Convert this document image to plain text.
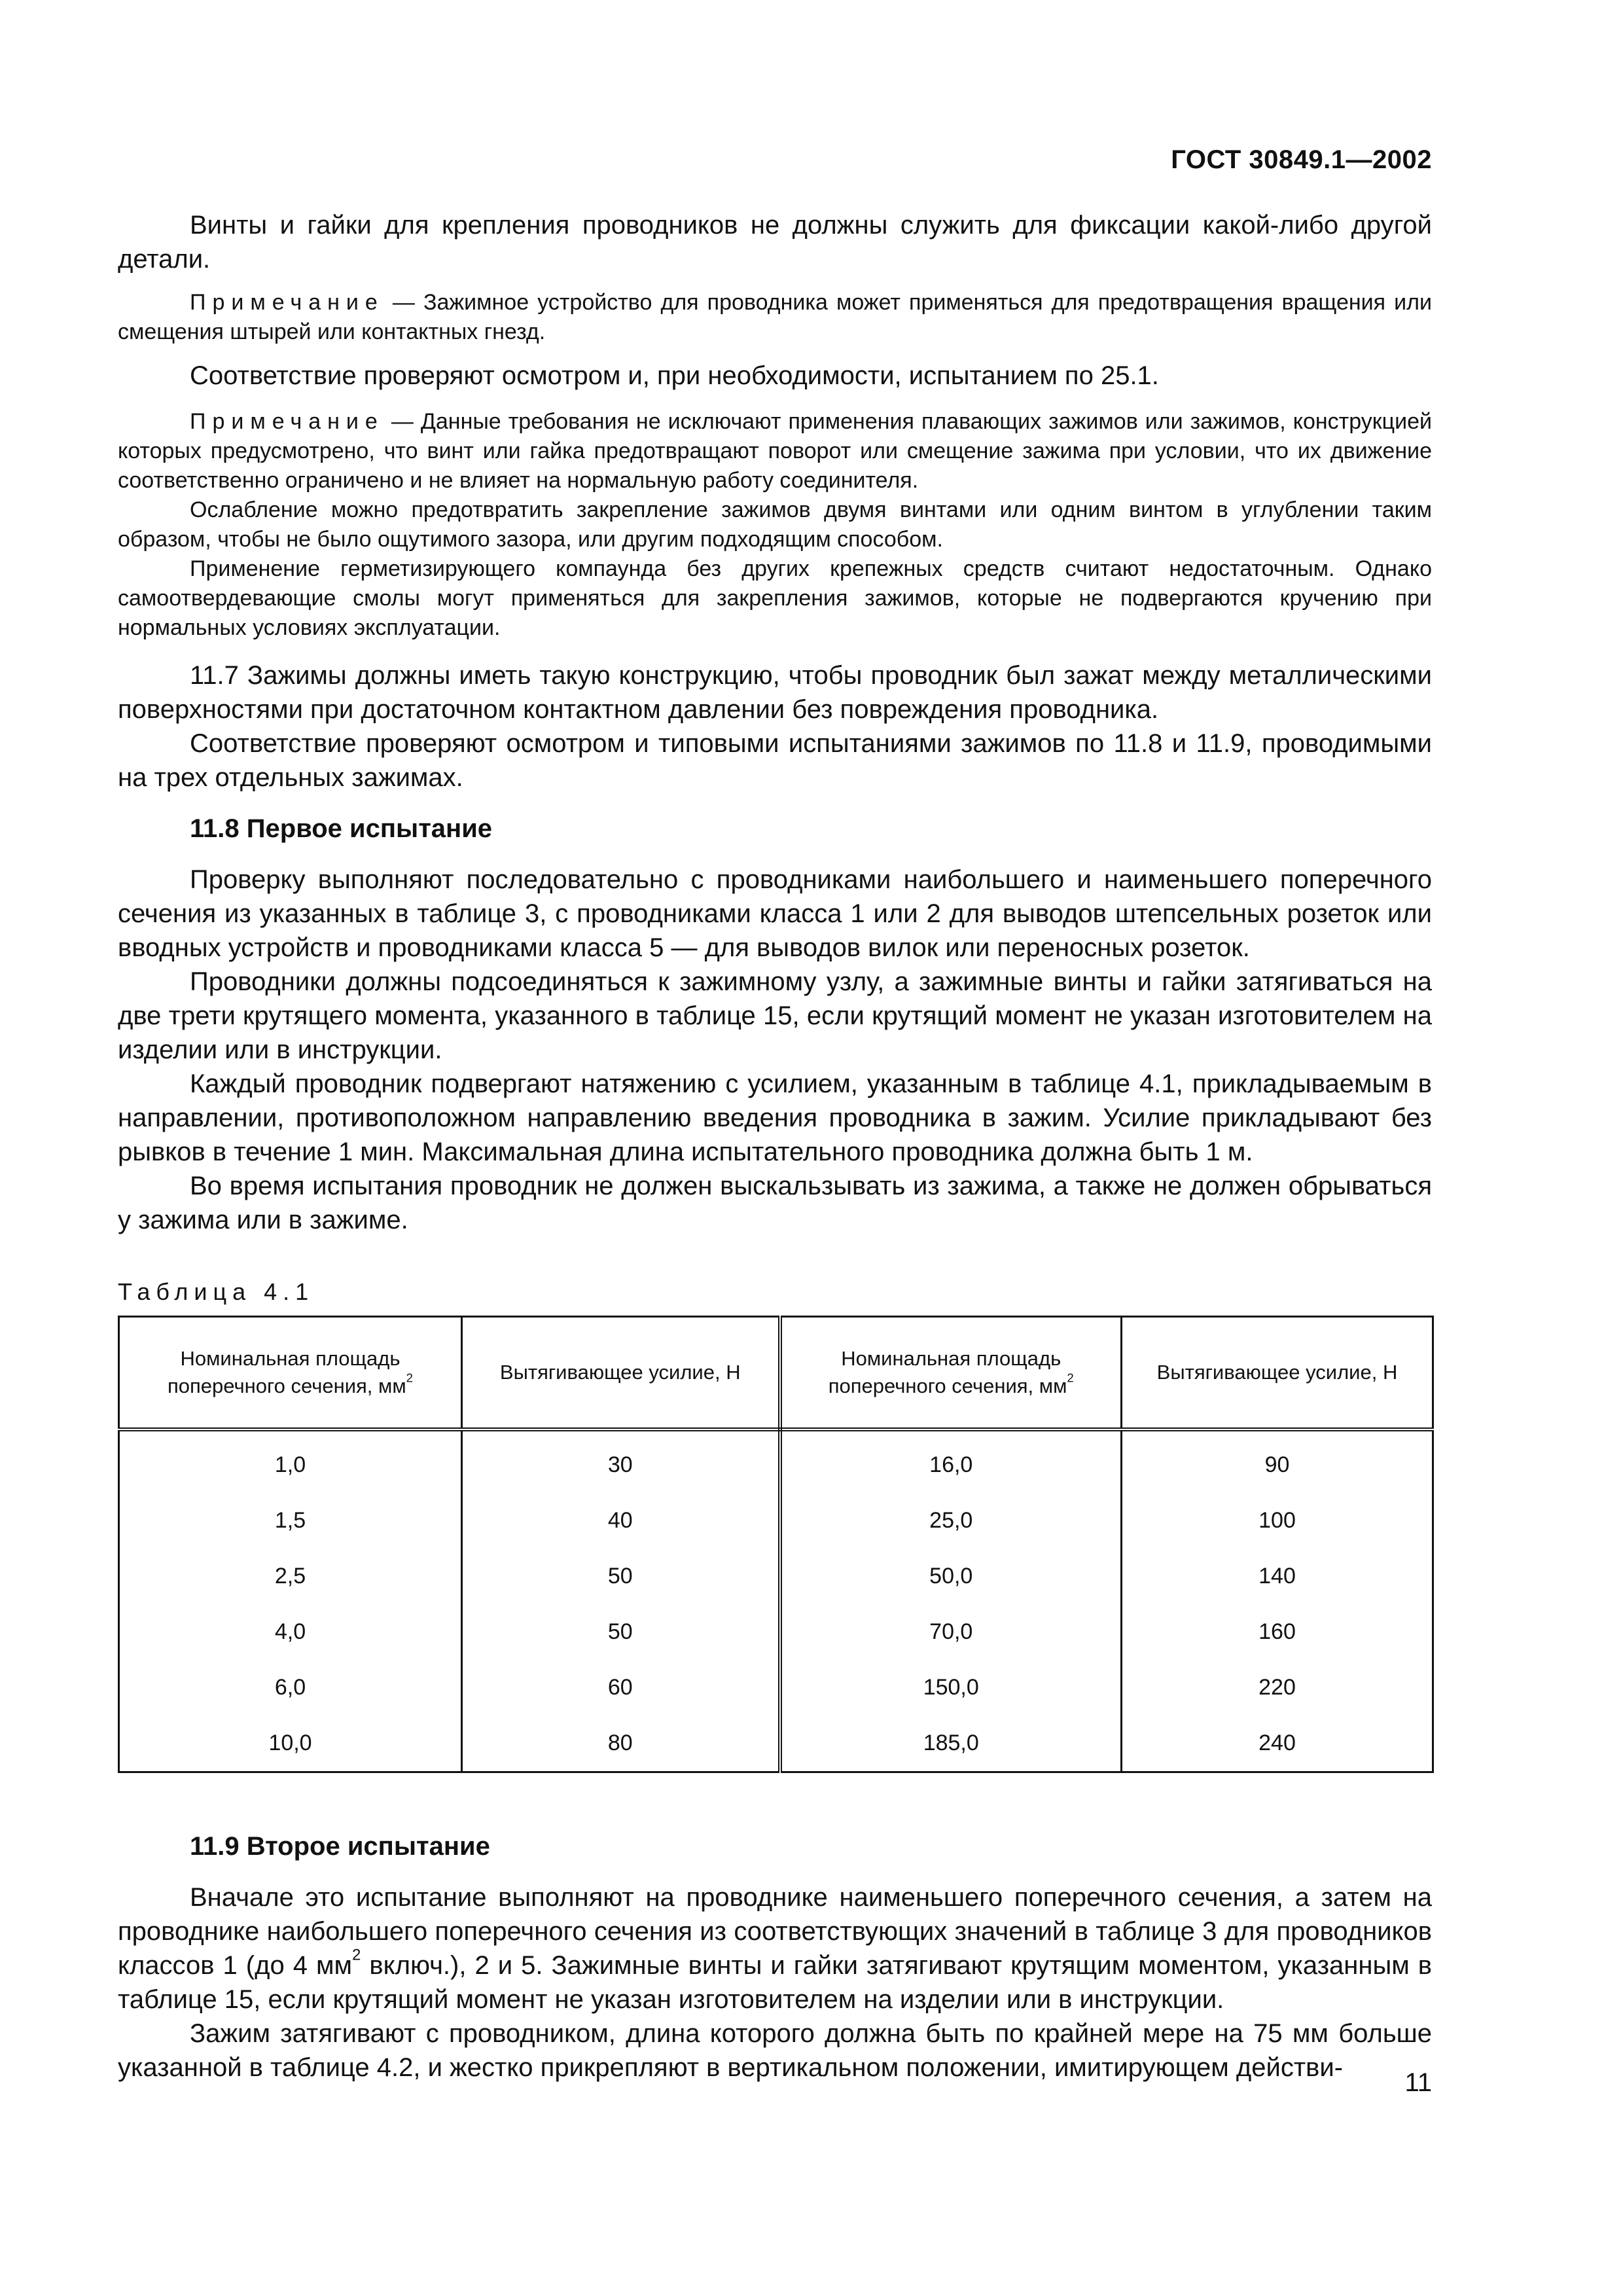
ГОСТ 30849.1—2002

Винты и гайки для крепления проводников не должны служить для фиксации какой-либо другой детали.

Примечание — Зажимное устройство для проводника может применяться для предотвращения вращения или смещения штырей или контактных гнезд.

Соответствие проверяют осмотром и, при необходимости, испытанием по 25.1.

Примечание — Данные требования не исключают применения плавающих зажимов или зажимов, конструкцией которых предусмотрено, что винт или гайка предотвращают поворот или смещение зажима при условии, что их движение соответственно ограничено и не влияет на нормальную работу соединителя.

Ослабление можно предотвратить закрепление зажимов двумя винтами или одним винтом в углублении таким образом, чтобы не было ощутимого зазора, или другим подходящим способом.

Применение герметизирующего компаунда без других крепежных средств считают недостаточным. Однако самоотвердевающие смолы могут применяться для закрепления зажимов, которые не подвергаются кручению при нормальных условиях эксплуатации.

11.7 Зажимы должны иметь такую конструкцию, чтобы проводник был зажат между металлическими поверхностями при достаточном контактном давлении без повреждения проводника.

Соответствие проверяют осмотром и типовыми испытаниями зажимов по 11.8 и 11.9, проводимыми на трех отдельных зажимах.

11.8 Первое испытание

Проверку выполняют последовательно с проводниками наибольшего и наименьшего поперечного сечения из указанных в таблице 3, с проводниками класса 1 или 2 для выводов штепсельных розеток или вводных устройств и проводниками класса 5 — для выводов вилок или переносных розеток.

Проводники должны подсоединяться к зажимному узлу, а зажимные винты и гайки затягиваться на две трети крутящего момента, указанного в таблице 15, если крутящий момент не указан изготовителем на изделии или в инструкции.

Каждый проводник подвергают натяжению с усилием, указанным в таблице 4.1, прикладываемым в направлении, противоположном направлению введения проводника в зажим. Усилие прикладывают без рывков в течение 1 мин. Максимальная длина испытательного проводника должна быть 1 м.

Во время испытания проводник не должен выскальзывать из зажима, а также не должен обрываться у зажима или в зажиме.

Таблица 4.1

Номинальная площадь поперечного сечения, $мм^2$	Вытягивающее усилие, Н	Номинальная площадь поперечного сечения, $мм^2$	Вытягивающее усилие, Н
1,0	30	16,0	90
1,5	40	25,0	100
2,5	50	50,0	140
4,0	50	70,0	160
6,0	60	150,0	220
10,0	80	185,0	240

11.9 Второе испытание

Вначале это испытание выполняют на проводнике наименьшего поперечного сечения, а затем на проводнике наибольшего поперечного сечения из соответствующих значений в таблице 3 для проводников классов 1 (до 4 $мм^2$ включ.), 2 и 5. Зажимные винты и гайки затягивают крутящим моментом, указанным в таблице 15, если крутящий момент не указан изготовителем на изделии или в инструкции.

Зажим затягивают с проводником, длина которого должна быть по крайней мере на 75 мм больше указанной в таблице 4.2, и жестко прикрепляют в вертикальном положении, имитирующем действи-

11
